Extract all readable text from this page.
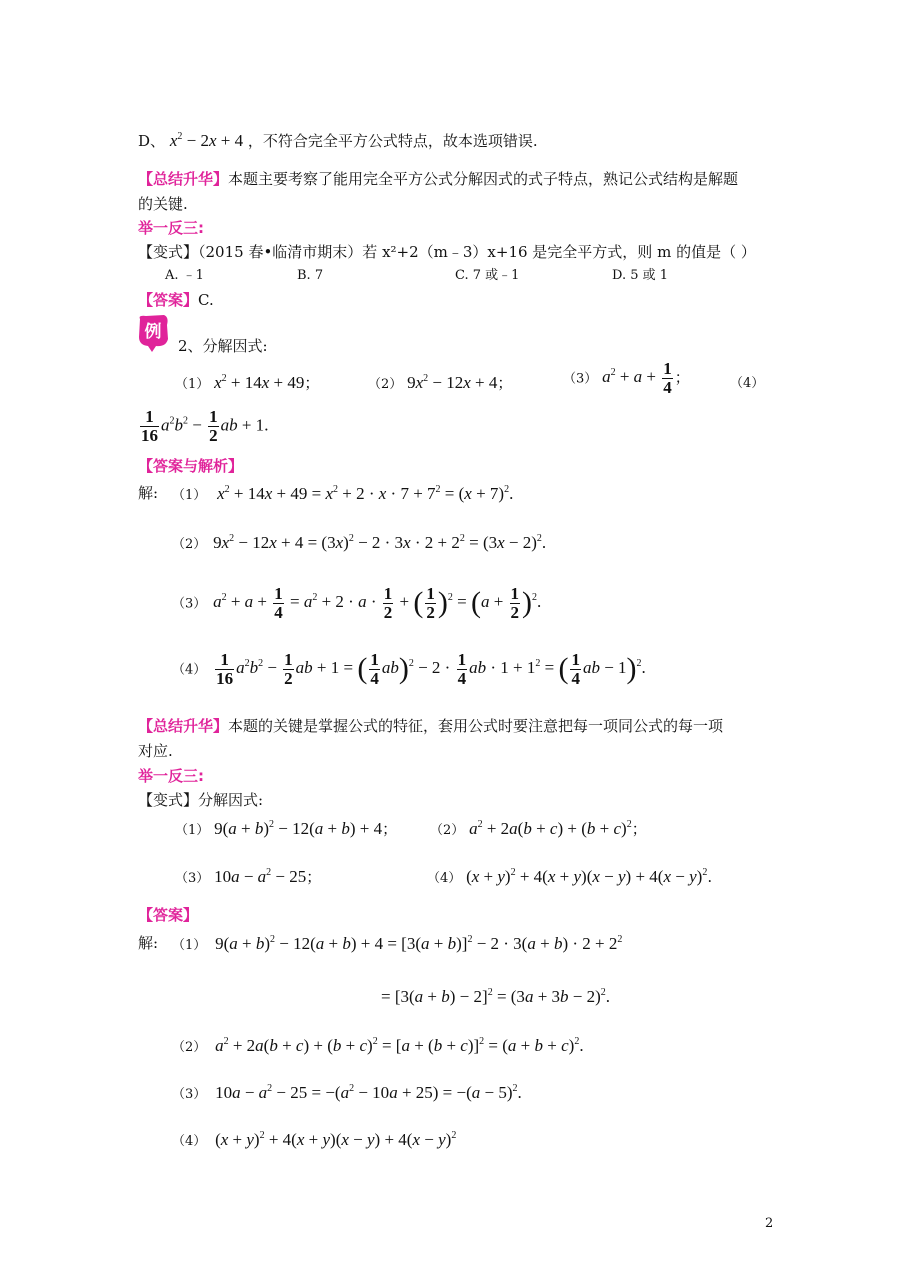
D、 $x^2 - 2x + 4$ ，不符合完全平方公式特点，故本选项错误.
【总结升华】本题主要考察了能用完全平方公式分解因式的式子特点，熟记公式结构是解题
的关键.
举一反三:
【变式】（2015 春•临清市期末）若 x²+2（m﹣3）x+16 是完全平方式，则 m 的值是（ ）
A. ﹣1	B. 7	C. 7 或﹣1	D. 5 或 1
【答案】C.
例
2、分解因式:
（1） $x^2 + 14x + 49$；	（2） $9x^2 - 12x + 4$；	（3） $a^2 + a + \frac{1}{4}$ ；	（4）
$\frac{1}{16} a^2b^2 - \frac{1}{2}$ ab + 1.
【答案与解析】
解: （1） $x^2 + 14x + 49 = x^2 + 2 \cdot x \cdot 7 + 7^2 = (x + 7)^2$.
（2） $9x^2 - 12x + 4 = (3x)^2 - 2 \cdot 3x \cdot 2 + 2^2 = (3x - 2)^2$.
（3） $a^2 + a + \frac{1}{4} = a^2 + 2 \cdot a \cdot \frac{1}{2}$ + ( $\frac{1}{2} )^2 = (a + \frac{1}{2} )^2$.
$(4) \frac{1}{16} a^2b^2 - \frac{1}{2}$ ab + 1 = ( $\frac{1}{4} ab)^2 - 2 \cdot \frac{1}{4}$ ab · $1 + 1^2$ = ( $\frac{1}{4}$ ab − 1)$^2$.
【总结升华】本题的关键是掌握公式的特征，套用公式时要注意把每一项同公式的每一项
对应.
举一反三:
【变式】分解因式:
（1） $9(a + b)^2 - 12(a + b) + 4$；	（2） $a^2 + 2a(b + c) + (b + c)^2$；
（3） $10a - a^2 - 25$；	（4） $(x + y)^2 + 4(x + y)(x - y) + 4(x - y)^2$.
【答案】
解: （1） $9(a + b)^2 - 12(a + b) + 4 = [3(a + b)]^2 - 2 \cdot 3(a + b) \cdot 2 + 2^2$
= $[3(a + b) - 2]^2 = (3a + 3b - 2)^2$.
（2） $a^2 + 2a(b + c) + (b + c)^2 = [a + (b + c)]^2 = (a + b + c)^2$.
（3） $10a - a^2 - 25 = -(a^2 - 10a + 25) = -(a - 5)^2$.
（4） $(x + y)^2 + 4(x + y)(x - y) + 4(x - y)^2$
2
